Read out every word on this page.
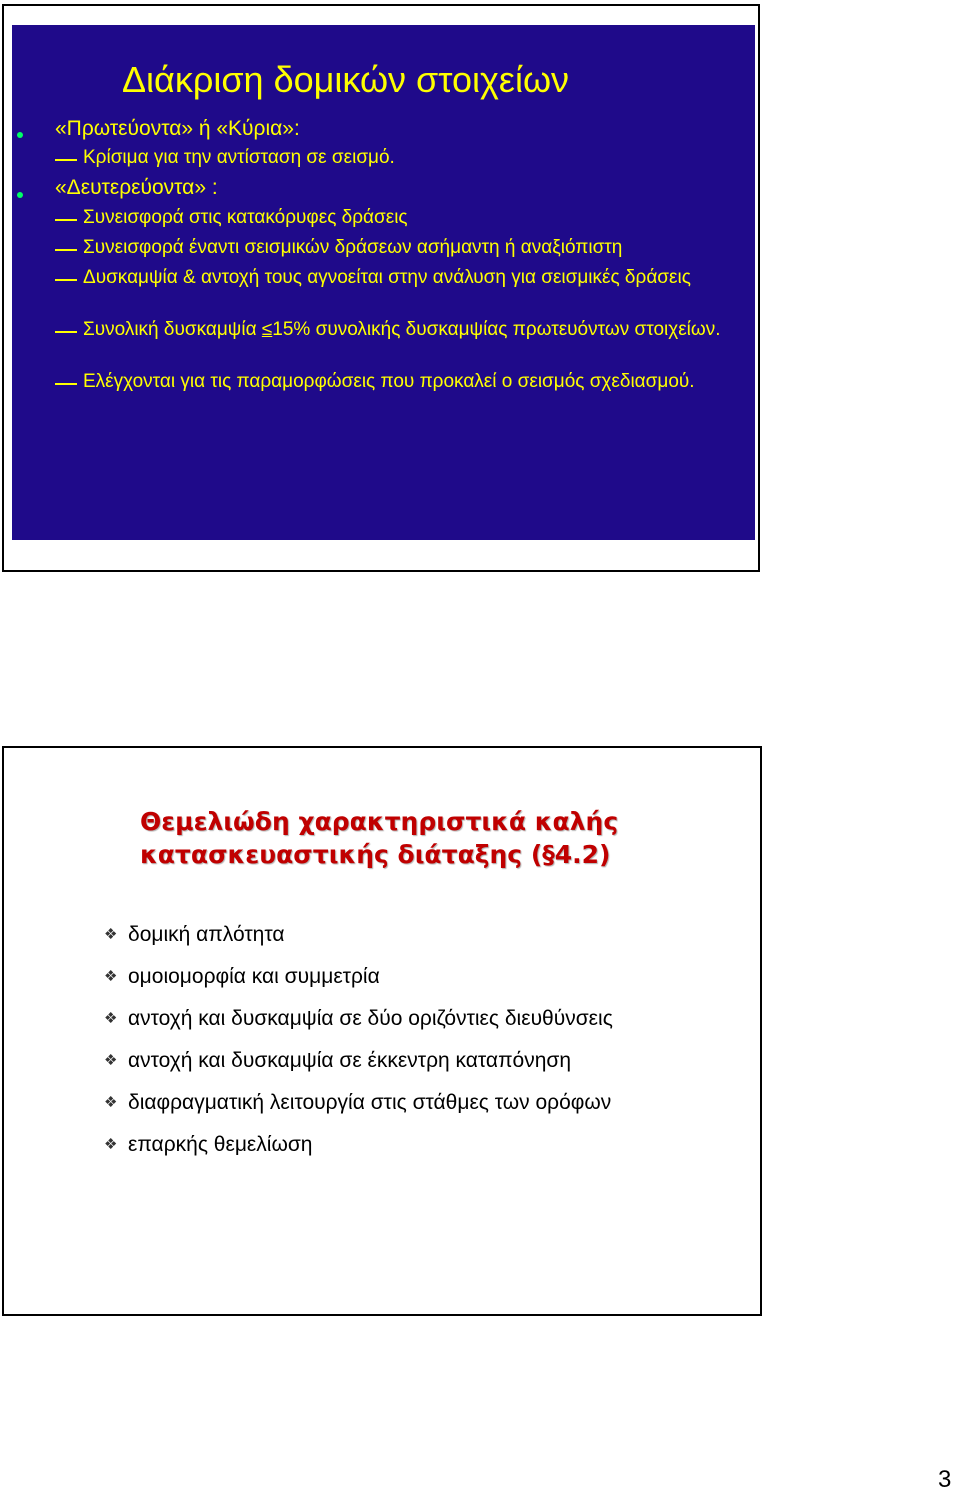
Διάκριση δομικών στοιχείων
«Πρωτεύοντα» ή «Κύρια»:
Κρίσιμα για την αντίσταση σε σεισμό.
«Δευτερεύοντα» :
Συνεισφορά στις κατακόρυφες δράσεις
Συνεισφορά έναντι σεισμικών δράσεων ασήμαντη ή αναξιόπιστη
Δυσκαμψία & αντοχή τους αγνοείται στην ανάλυση για σεισμικές δράσεις
Συνολική δυσκαμψία ≤15% συνολικής δυσκαμψίας πρωτευόντων στοιχείων.
Ελέγχονται για τις παραμορφώσεις που προκαλεί ο σεισμός σχεδιασμού.
Θεμελιώδη χαρακτηριστικά καλής
κατασκευαστικής διάταξης (§4.2)
❖ δομική απλότητα
❖ ομοιομορφία και συμμετρία
❖ αντοχή και δυσκαμψία σε δύο οριζόντιες διευθύνσεις
❖ αντοχή και δυσκαμψία σε έκκεντρη καταπόνηση
❖ διαφραγματική λειτουργία στις στάθμες των ορόφων
❖ επαρκής θεμελίωση
3
